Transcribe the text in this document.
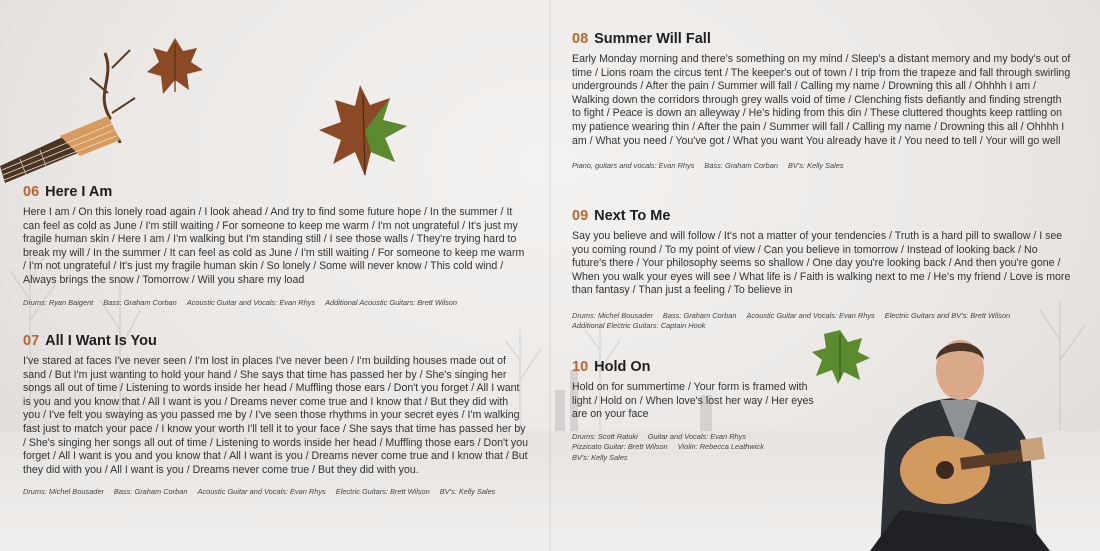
06 Here I Am

Here I am / On this lonely road again / I look ahead / And try to find some future hope / In the summer / It can feel as cold as June / I'm still waiting / For someone to keep me warm / I'm not ungrateful / It's just my fragile human skin / Here I am / I'm walking but I'm standing still / I see those walls / They're trying hard to break my will / In the summer / It can feel as cold as June / I'm still waiting / For someone to keep me warm / I'm not ungrateful / It's just my fragile human skin / So lonely / Some will never know / This cold wind / Always brings the snow / Tomorrow / Will you share my load

Drums: Ryan Baigent Bass: Graham Corban Acoustic Guitar and Vocals: Evan Rhys Additional Acoustic Guitars: Brett Wilson
07 All I Want Is You

I've stared at faces I've never seen / I'm lost in places I've never been / I'm building houses made out of sand / But I'm just wanting to hold your hand / She says that time has passed her by / She's singing her songs all out of time / Listening to words inside her head / Muffling those ears / Don't you forget / All I want is you and you know that / All I want is you / Dreams never come true and I know that / But they did with you / I've felt you swaying as you passed me by / I've seen those rhythms in your secret eyes / I'm walking fast just to match your pace / I know your worth I'll tell it to your face / She says that time has passed her by / She's singing her songs all out of time / Listening to words inside her head / Muffling those ears / Don't you forget / All I want is you and you know that / All I want is you / Dreams never come true and I know that / But they did with you / All I want is you / Dreams never come true / But they did with you.

Drums: Michel Bousader Bass: Graham Corban Acoustic Guitar and Vocals: Evan Rhys Electric Guitars: Brett Wilson BV's: Kelly Sales
08 Summer Will Fall

Early Monday morning and there's something on my mind / Sleep's a distant memory and my body's out of time / Lions roam the circus tent / The keeper's out of town / I trip from the trapeze and fall through swirling undergrounds / After the pain / Summer will fall / Calling my name / Drowning this all / Ohhhh I am / Walking down the corridors through grey walls void of time / Clenching fists defiantly and finding strength to fight / Peace is down an alleyway / He's hiding from this din / These cluttered thoughts keep rattling on my patience wearing thin / After the pain / Summer will fall / Calling my name / Drowning this all / Ohhhh I am / What you need / You've got / What you want You already have it / You need to tell / Your will go well

Piano, guitars and vocals: Evan Rhys Bass: Graham Corban BV's: Kelly Sales
09 Next To Me

Say you believe and will follow / It's not a matter of your tendencies / Truth is a hard pill to swallow / I see you coming round / To my point of view / Can you believe in tomorrow / Instead of looking back / No future's there / Your philosophy seems so shallow / One day you're looking back / And then you're gone / When you walk your eyes will see / What life is / Faith is walking next to me / He's my friend / Love is more than fantasy / Than just a feeling / To believe in

Drums: Michel Bousader Bass: Graham Corban Acoustic Guitar and Vocals: Evan Rhys Electric Guitars and BV's: Brett Wilson
Additional Electric Guitars: Captain Hook
10 Hold On

Hold on for summertime / Your form is framed with light / Hold on / When love's lost her way / Her eyes are on your face

Drums: Scott Ratuki Guitar and Vocals: Evan Rhys
Pizzicato Guitar: Brett Wilson Violin: Rebecca Leathwick
BV's: Kelly Sales
